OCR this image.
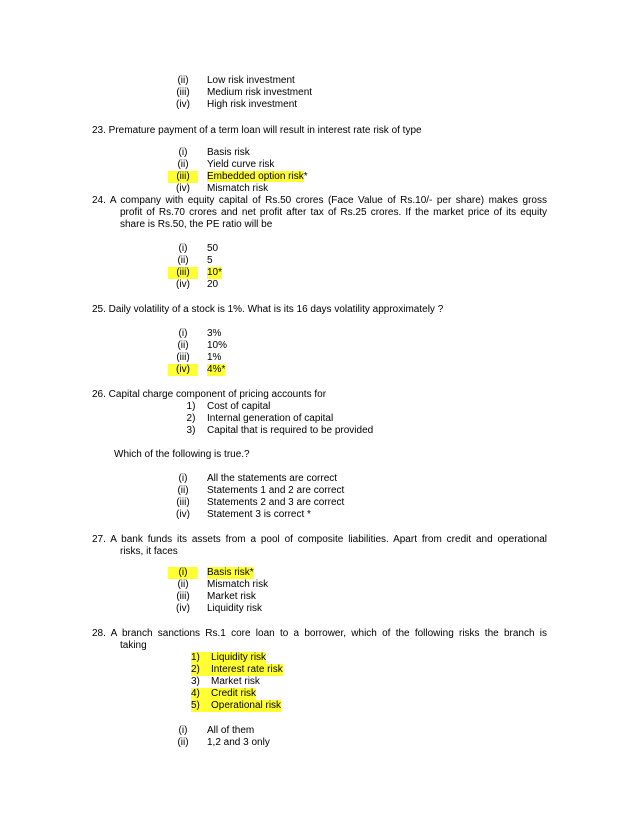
(ii)	Low risk investment
(iii)	Medium risk investment
(iv)	High risk investment
23. Premature payment of a term loan will result in interest rate risk of type
(i)	Basis risk
(ii)	Yield curve risk
(iii)	Embedded option risk*
(iv)	Mismatch risk
24. A company with equity capital of Rs.50 crores (Face Value of Rs.10/- per share) makes gross
profit of Rs.70 crores and net profit after tax of Rs.25 crores. If the market price of its equity
share is Rs.50, the PE ratio will be
(i)	50
(ii)	5
(iii)	10*
(iv)	20
25. Daily volatility of a stock is 1%. What is its 16 days volatility approximately ?
(i)	3%
(ii)	10%
(iii)	1%
(iv)	4%*
26. Capital charge component of pricing accounts for
1)	Cost of capital
2)	Internal generation of capital
3)	Capital that is required to be provided
Which of the following is true.?
(i)	All the statements are correct
(ii)	Statements 1 and 2 are correct
(iii)	Statements 2 and 3 are correct
(iv)	Statement 3 is correct *
27. A bank funds its assets from a pool of composite liabilities. Apart from credit and operational
risks, it faces
(i)	Basis risk*
(ii)	Mismatch risk
(iii)	Market risk
(iv)	Liquidity risk
28. A branch sanctions Rs.1 core loan to a borrower, which of the following risks the branch is
taking
1) Liquidity risk
2) Interest rate risk
3) Market risk
4) Credit risk
5) Operational risk
(i)	All of them
(ii)	1,2 and 3 only
